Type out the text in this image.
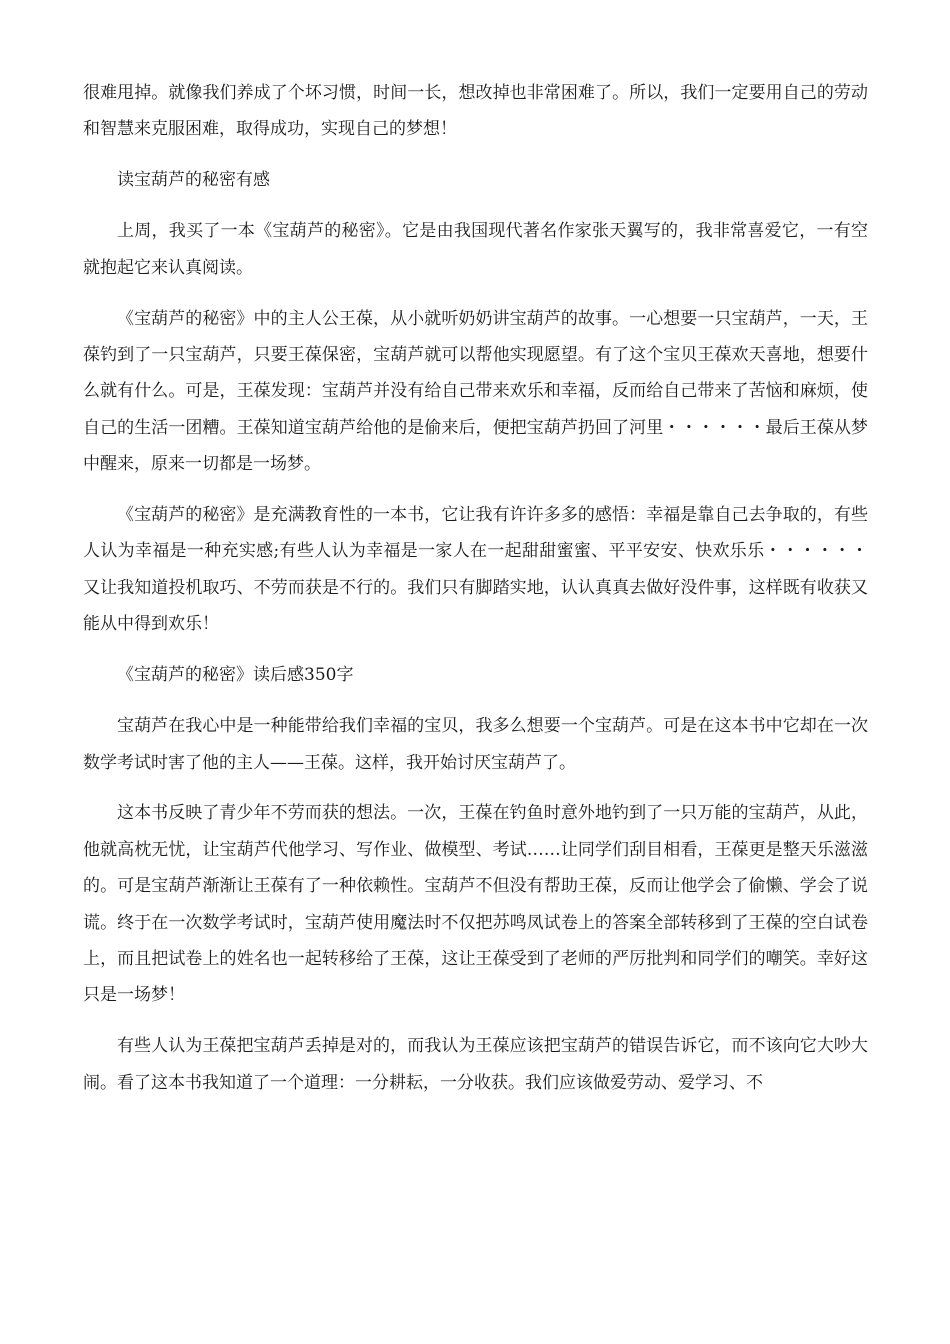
很难甩掉。就像我们养成了个坏习惯，时间一长，想改掉也非常困难了。所以，我们一定要用自己的劳动和智慧来克服困难，取得成功，实现自己的梦想！

读宝葫芦的秘密有感

上周，我买了一本《宝葫芦的秘密》。它是由我国现代著名作家张天翼写的，我非常喜爱它，一有空就抱起它来认真阅读。

《宝葫芦的秘密》中的主人公王葆，从小就听奶奶讲宝葫芦的故事。一心想要一只宝葫芦，一天，王葆钓到了一只宝葫芦，只要王葆保密，宝葫芦就可以帮他实现愿望。有了这个宝贝王葆欢天喜地，想要什么就有什么。可是，王葆发现：宝葫芦并没有给自己带来欢乐和幸福，反而给自己带来了苦恼和麻烦，使自己的生活一团糟。王葆知道宝葫芦给他的是偷来后，便把宝葫芦扔回了河里・・・・・・最后王葆从梦中醒来，原来一切都是一场梦。

《宝葫芦的秘密》是充满教育性的一本书，它让我有许许多多的感悟：幸福是靠自己去争取的，有些人认为幸福是一种充实感;有些人认为幸福是一家人在一起甜甜蜜蜜、平平安安、快欢乐乐・・・・・・又让我知道投机取巧、不劳而获是不行的。我们只有脚踏实地，认认真真去做好没件事，这样既有收获又能从中得到欢乐！

《宝葫芦的秘密》读后感350字

宝葫芦在我心中是一种能带给我们幸福的宝贝，我多么想要一个宝葫芦。可是在这本书中它却在一次数学考试时害了他的主人——王葆。这样，我开始讨厌宝葫芦了。

这本书反映了青少年不劳而获的想法。一次，王葆在钓鱼时意外地钓到了一只万能的宝葫芦，从此，他就高枕无忧，让宝葫芦代他学习、写作业、做模型、考试……让同学们刮目相看，王葆更是整天乐滋滋的。可是宝葫芦渐渐让王葆有了一种依赖性。宝葫芦不但没有帮助王葆，反而让他学会了偷懒、学会了说谎。终于在一次数学考试时，宝葫芦使用魔法时不仅把苏鸣凤试卷上的答案全部转移到了王葆的空白试卷上，而且把试卷上的姓名也一起转移给了王葆，这让王葆受到了老师的严厉批判和同学们的嘲笑。幸好这只是一场梦！

有些人认为王葆把宝葫芦丢掉是对的，而我认为王葆应该把宝葫芦的错误告诉它，而不该向它大吵大闹。看了这本书我知道了一个道理：一分耕耘，一分收获。我们应该做爱劳动、爱学习、不
